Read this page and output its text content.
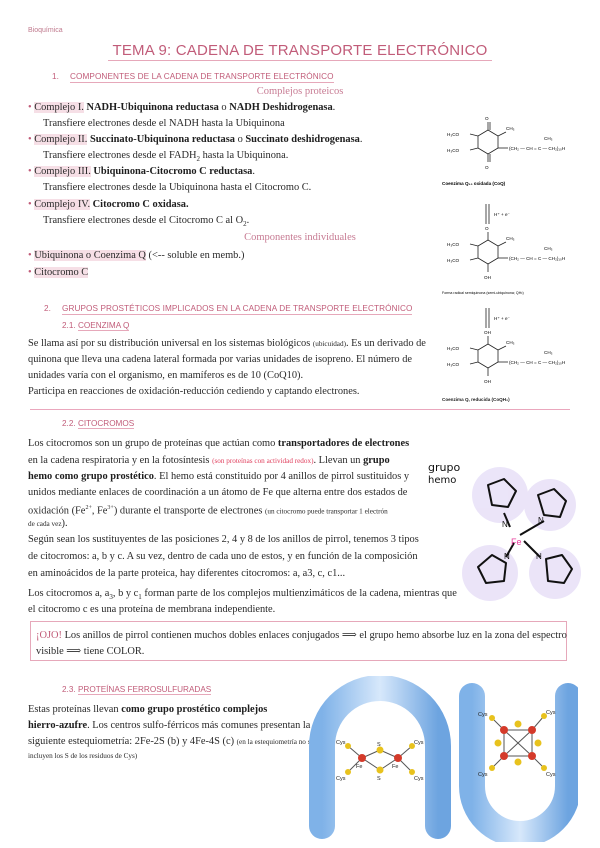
Bioquímica
TEMA 9: CADENA DE TRANSPORTE ELECTRÓNICO
1. COMPONENTES DE LA CADENA DE TRANSPORTE ELECTRÓNICO
Complejos proteicos
• Complejo I. NADH-Ubiquinona reductasa o NADH Deshidrogenasa.
Transfiere electrones desde el NADH hasta la Ubiquinona
• Complejo II. Succinato-Ubiquinona reductasa o Succinato deshidrogenasa.
Transfiere electrones desde el $FADH_2$ hasta la Ubiquinona.
• Complejo III. Ubiquinona-Citocromo C reductasa.
Transfiere electrones desde la Ubiquinona hasta el Citocromo C.
• Complejo IV. Citocromo C oxidasa.
Transfiere electrones desde el Citocromo C al $O_2$.
Componentes individuales
• Ubiquinona o Coenzima Q (<-- soluble en memb.)
• Citocromo C
2. GRUPOS PROSTÉTICOS IMPLICADOS EN LA CADENA DE TRANSPORTE ELECTRÓNICO
2.1. COENZIMA Q
Se llama así por su distribución universal en los sistemas biológicos (ubicuidad). Es un derivado de
quinona que lleva una cadena lateral formada por varias unidades de isopreno. El número de
unidades varía con el organismo, en mamíferos es de 10 (CoQ10).
Participa en reacciones de oxidación-reducción cediendo y captando electrones.
2.2. CITOCROMOS
Los citocromos son un grupo de proteínas que actúan como transportadores de electrones
en la cadena respiratoria y en la fotosíntesis (son proteínas con actividad redox). Llevan un grupo
hemo como grupo prostético. El hemo está constituido por 4 anillos de pirrol sustituidos y
unidos mediante enlaces de coordinación a un átomo de Fe que alterna entre dos estados de
oxidación ($Fe^{2+}$, $Fe^{3+}$) durante el transporte de electrones (un citocromo puede transportar 1 electrón
de cada vez).
Según sean los sustituyentes de las posiciones 2, 4 y 8 de los anillos de pirrol, tenemos 3 tipos
de citocromos: a, b y c. A su vez, dentro de cada uno de estos, y en función de la composición
en aminoácidos de la parte proteica, hay diferentes citocromos: a, a3, c, c1...
Los citocromos a, $a_3$, b y $c_1$ forman parte de los complejos multienzimáticos de la cadena, mientras que
el citocromo c es una proteína de membrana independiente.
¡OJO! Los anillos de pirrol contienen muchos dobles enlaces conjugados ⟹ el grupo hemo absorbe luz en la zona del espectro
visible ⟹ tiene COLOR.
2.3. PROTEÍNAS FERROSULFURADAS
Estas proteínas llevan como grupo prostético complejos
hierro-azufre. Los centros sulfo-férricos más comunes presentan la
siguiente estequiometría: 2Fe-2S (b) y 4Fe-4S (c) (en la estequiometría no se
incluyen los S de los residuos de Cys)
O
O
CH₃
H₃CO
H₃CO	(CH₂ — CH = C — CH₂)₁₀H
CH₃
Coenzima Q₁₀ oxidada (CoQ)
H⁺ + e⁻
O
OH
CH₃
H₃CO
H₃CO	(CH₂ — CH = C — CH₂)₁₀H
CH₃
Forma radical semiquinona (semi-ubiquinona; QH•)
H⁺ + e⁻
OH
OH
CH₃
H₃CO
H₃CO	(CH₂ — CH = C — CH₂)₁₀H
CH₃
Coenzima Q, reducida (CoQH₂)
N	N
N	N
Fe
grupo
hemo
Cys
Cys
Cys
Cys
Fe	Fe
S
S
Cys	Cys
Cys	Cys
